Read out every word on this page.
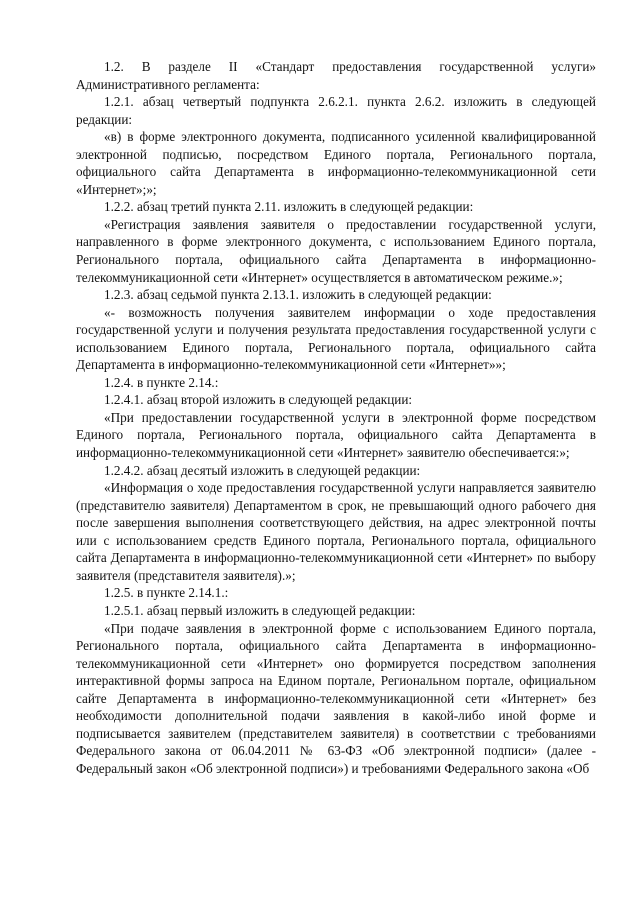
1.2. В разделе II «Стандарт предоставления государственной услуги» Административного регламента:

1.2.1. абзац четвертый подпункта 2.6.2.1. пункта 2.6.2. изложить в следующей редакции:

«в) в форме электронного документа, подписанного усиленной квалифицированной электронной подписью, посредством Единого портала, Регионального портала, официального сайта Департамента в информационно-телекоммуникационной сети «Интернет»;»;

1.2.2. абзац третий пункта 2.11. изложить в следующей редакции:

«Регистрация заявления заявителя о предоставлении государственной услуги, направленного в форме электронного документа, с использованием Единого портала, Регионального портала, официального сайта Департамента в информационно-телекоммуникационной сети «Интернет» осуществляется в автоматическом режиме.»;

1.2.3. абзац седьмой пункта 2.13.1. изложить в следующей редакции:

«- возможность получения заявителем информации о ходе предоставления государственной услуги и получения результата предоставления государственной услуги с использованием Единого портала, Регионального портала, официального сайта Департамента в информационно-телекоммуникационной сети «Интернет»»;

1.2.4. в пункте 2.14.:

1.2.4.1. абзац второй изложить в следующей редакции:

«При предоставлении государственной услуги в электронной форме посредством Единого портала, Регионального портала, официального сайта Департамента в информационно-телекоммуникационной сети «Интернет» заявителю обеспечивается:»;

1.2.4.2. абзац десятый изложить в следующей редакции:

«Информация о ходе предоставления государственной услуги направляется заявителю (представителю заявителя) Департаментом в срок, не превышающий одного рабочего дня после завершения выполнения соответствующего действия, на адрес электронной почты или с использованием средств Единого портала, Регионального портала, официального сайта Департамента в информационно-телекоммуникационной сети «Интернет» по выбору заявителя (представителя заявителя).»;

1.2.5. в пункте 2.14.1.:

1.2.5.1. абзац первый изложить в следующей редакции:

«При подаче заявления в электронной форме с использованием Единого портала, Регионального портала, официального сайта Департамента в информационно-телекоммуникационной сети «Интернет» оно формируется посредством заполнения интерактивной формы запроса на Едином портале, Региональном портале, официальном сайте Департамента в информационно-телекоммуникационной сети «Интернет» без необходимости дополнительной подачи заявления в какой-либо иной форме и подписывается заявителем (представителем заявителя) в соответствии с требованиями Федерального закона от 06.04.2011 № 63-ФЗ «Об электронной подписи» (далее - Федеральный закон «Об электронной подписи») и требованиями Федерального закона «Об
